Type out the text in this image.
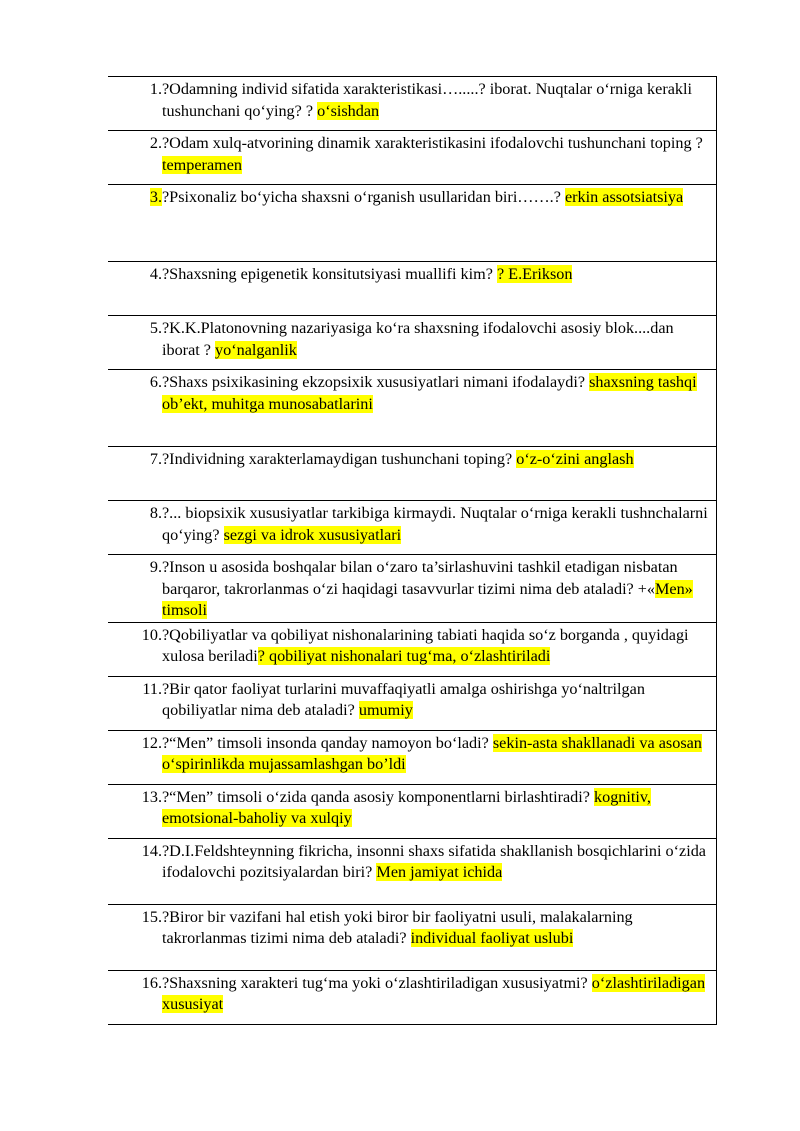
1. ?Odamning individ sifatida xarakteristikasi….....? iborat. Nuqtalar o‘rniga kerakli tushunchani qo‘ying? ? o‘sishdan

2. ?Odam xulq-atvorining dinamik xarakteristikasini ifodalovchi tushunchani toping ? temperamen

3. ?Psixonaliz bo‘yicha shaxsni o‘rganish usullaridan biri…….? erkin assotsiatsiya

4. ?Shaxsning epigenetik konsitutsiyasi muallifi kim? ? E.Erikson

5. ?K.K.Platonovning nazariyasiga ko‘ra shaxsning ifodalovchi asosiy blok....dan iborat ? yo‘nalganlik

6. ?Shaxs psixikasining ekzopsixik xususiyatlari nimani ifodalaydi? shaxsning tashqi ob’ekt, muhitga munosabatlarini

7. ?Individning xarakterlamaydigan tushunchani toping? o‘z-o‘zini anglash

8. ?... biopsixik xususiyatlar tarkibiga kirmaydi. Nuqtalar o‘rniga kerakli tushnchalarni qo‘ying? sezgi va idrok xususiyatlari

9. ?Inson u asosida boshqalar bilan o‘zaro ta’sirlashuvini tashkil etadigan nisbatan barqaror, takrorlanmas o‘zi haqidagi tasavvurlar tizimi nima deb ataladi? +«Men» timsoli

10. ?Qobiliyatlar va qobiliyat nishonalarining tabiati haqida so‘z borganda , quyidagi xulosa beriladi? qobiliyat nishonalari tug‘ma, o‘zlashtiriladi

11. ?Bir qator faoliyat turlarini muvaffaqiyatli amalga oshirishga yo‘naltrilgan qobiliyatlar nima deb ataladi? umumiy

12. ?“Men” timsoli insonda qanday namoyon bo‘ladi? sekin-asta shakllanadi va asosan o‘spirinlikda mujassamlashgan bo’ldi

13. ?“Men” timsoli o‘zida qanda asosiy komponentlarni birlashtiradi? kognitiv, emotsional-baholiy va xulqiy

14. ?D.I.Feldshteynning fikricha, insonni shaxs sifatida shakllanish bosqichlarini o‘zida ifodalovchi pozitsiyalardan biri? Men jamiyat ichida

15. ?Biror bir vazifani hal etish yoki biror bir faoliyatni usuli, malakalarning takrorlanmas tizimi nima deb ataladi? individual faoliyat uslubi

16. ?Shaxsning xarakteri tug‘ma yoki o‘zlashtiriladigan xususiyatmi? o‘zlashtiriladigan xususiyat
